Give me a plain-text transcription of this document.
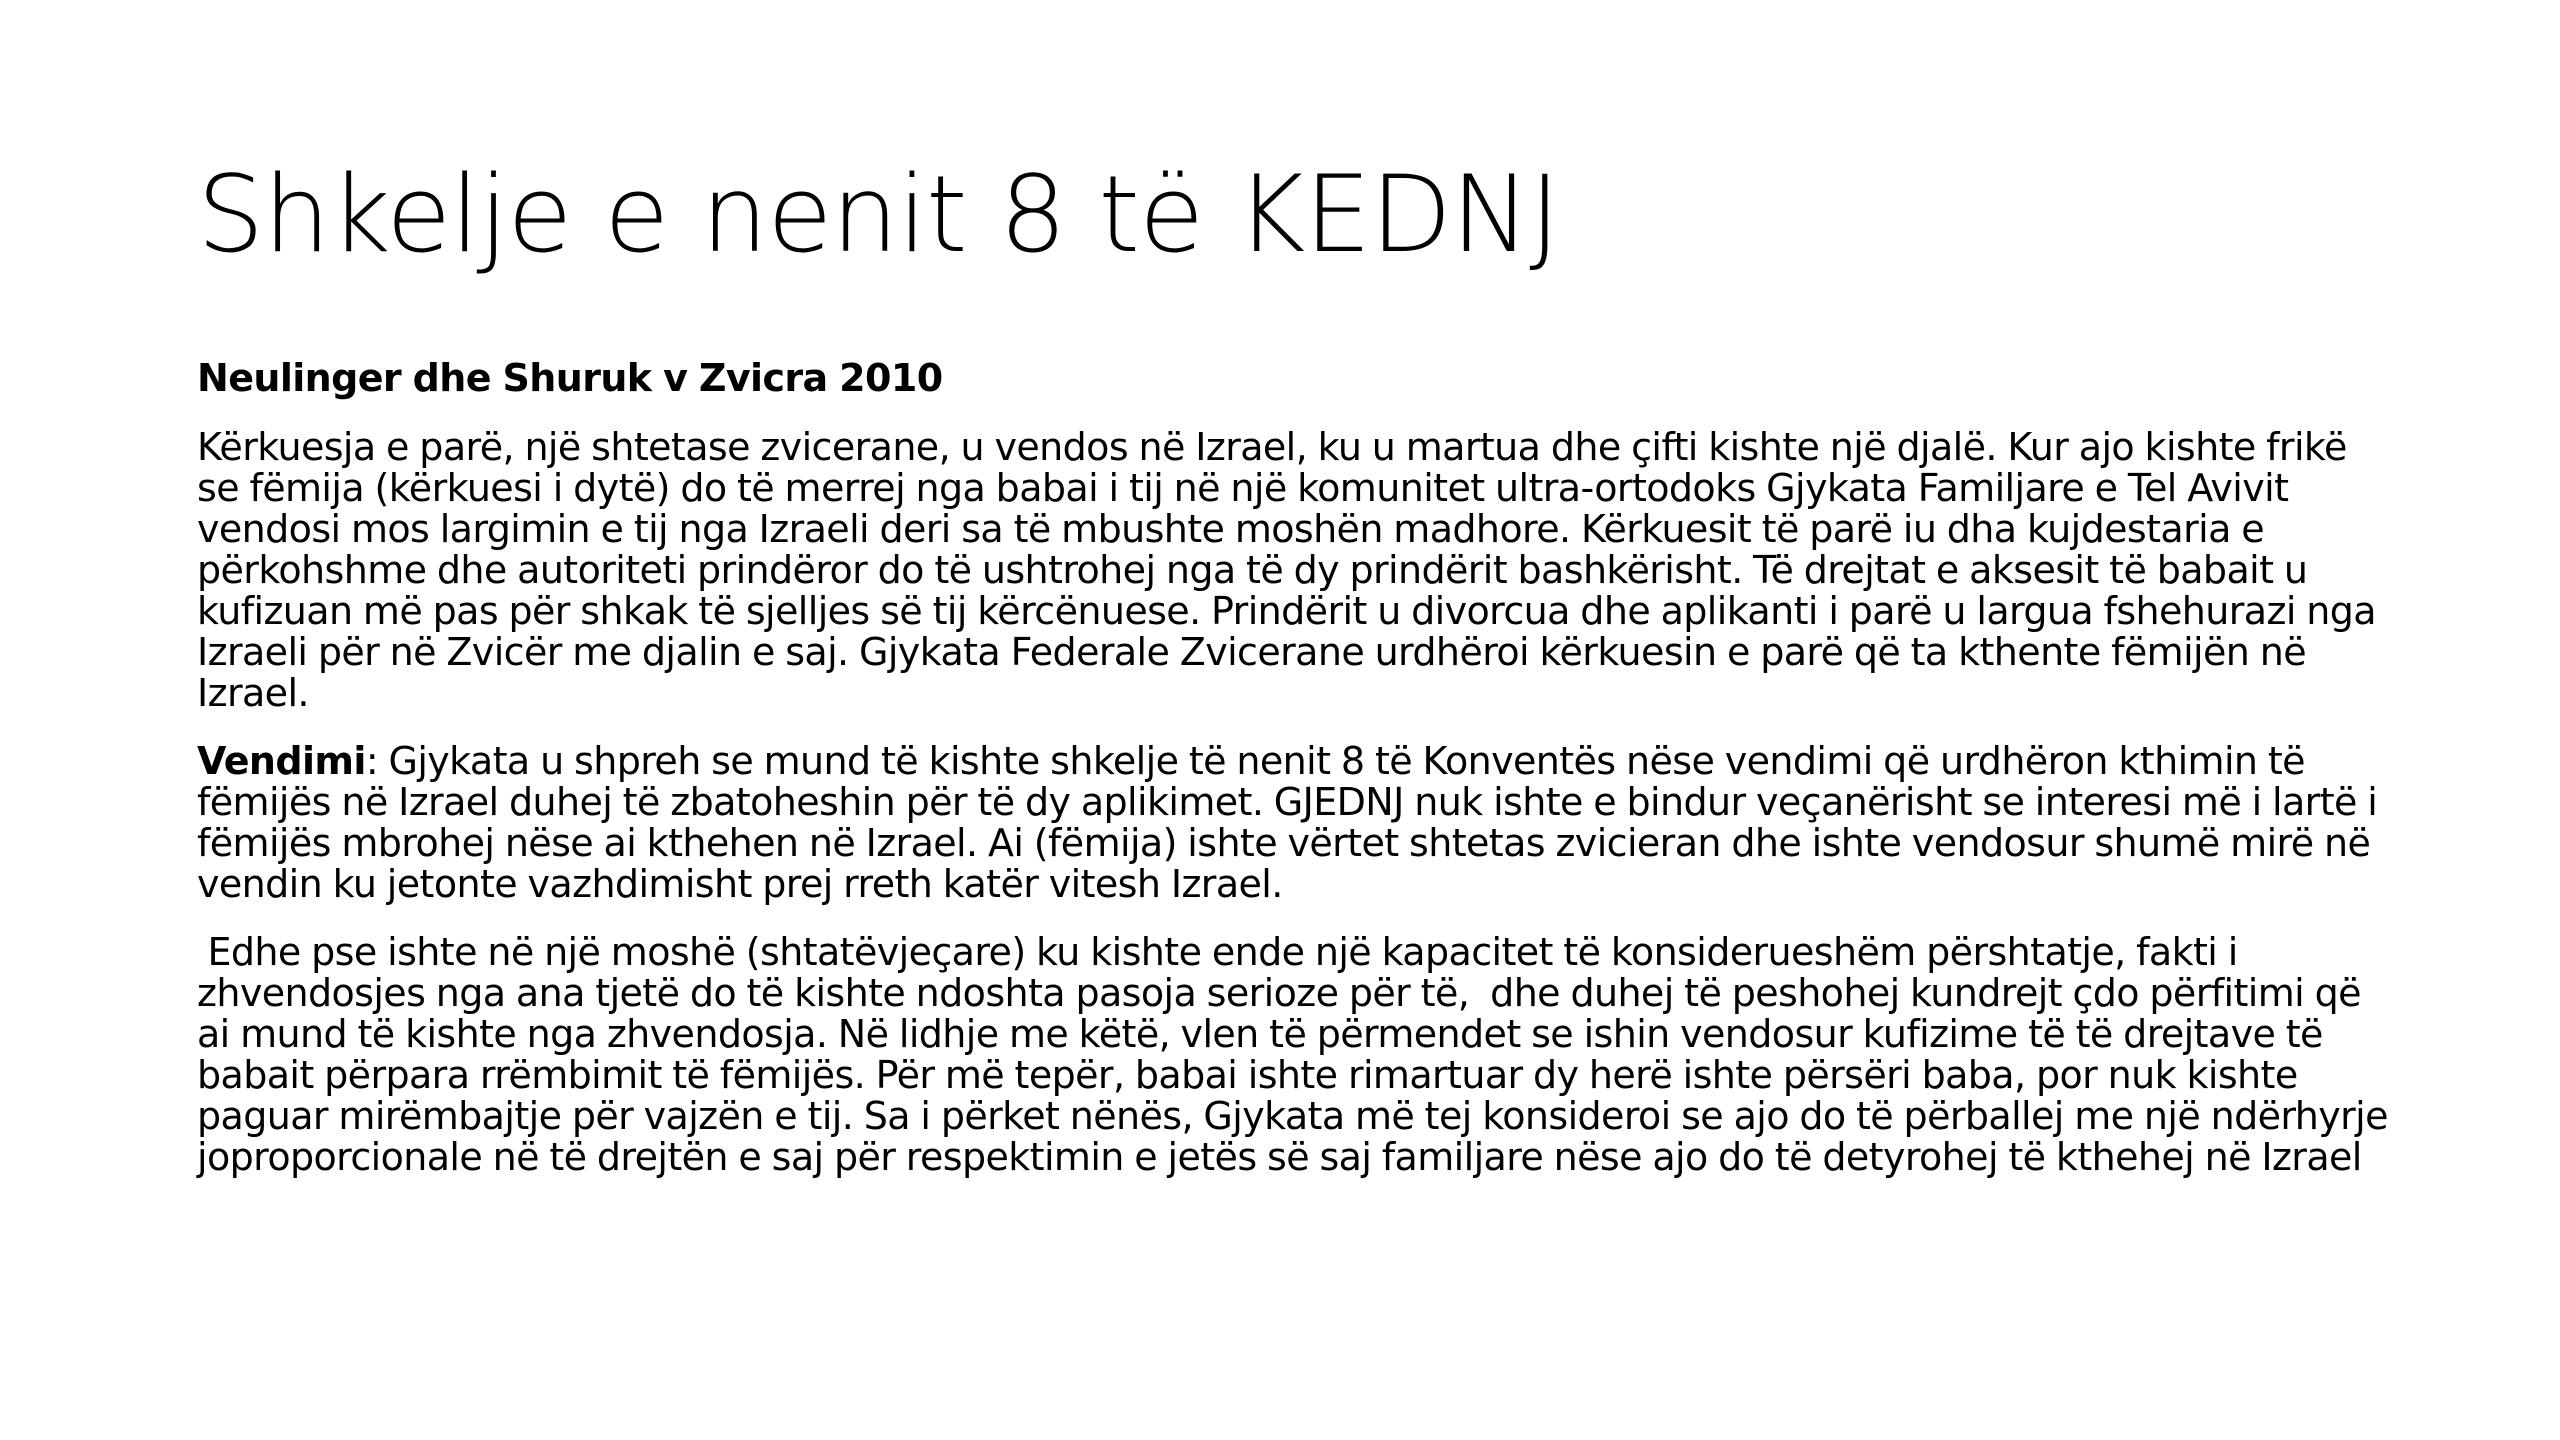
Shkelje e nenit 8 të KEDNJ

Neulinger dhe Shuruk v Zvicra 2010

Kërkuesja e parë, një shtetase zvicerane, u vendos në Izrael, ku u martua dhe çifti kishte një djalë. Kur ajo kishte frikë se fëmija (kërkuesi i dytë) do të merrej nga babai i tij në një komunitet ultra-ortodoks Gjykata Familjare e Tel Avivit vendosi mos largimin e tij nga Izraeli deri sa të mbushte moshën madhore. Kërkuesit të parë iu dha kujdestaria e përkohshme dhe autoriteti prindëror do të ushtrohej nga të dy prindërit bashkërisht. Të drejtat e aksesit të babait u kufizuan më pas për shkak të sjelljes së tij kërcënuese. Prindërit u divorcua dhe aplikanti i parë u largua fshehurazi nga Izraeli për në Zvicër me djalin e saj. Gjykata Federale Zvicerane urdhëroi kërkuesin e parë që ta kthente fëmijën në Izrael.

Vendimi: Gjykata u shpreh se mund të kishte shkelje të nenit 8 të Konventës nëse vendimi që urdhëron kthimin të fëmijës në Izrael duhej të zbatoheshin për të dy aplikimet. GJEDNJ nuk ishte e bindur veçanërisht se interesi më i lartë i fëmijës mbrohej nëse ai kthehen në Izrael. Ai (fëmija) ishte vërtet shtetas zvicieran dhe ishte vendosur shumë mirë në vendin ku jetonte vazhdimisht prej rreth katër vitesh Izrael.

Edhe pse ishte në një moshë (shtatëvjeçare) ku kishte ende një kapacitet të konsiderueshëm përshtatje, fakti i zhvendosjes nga ana tjetë do të kishte ndoshta pasoja serioze për të,  dhe duhej të peshohej kundrejt çdo përfitimi që ai mund të kishte nga zhvendosja. Në lidhje me këtë, vlen të përmendet se ishin vendosur kufizime të të drejtave të babait përpara rrëmbimit të fëmijës. Për më tepër, babai ishte rimartuar dy herë ishte përsëri baba, por nuk kishte paguar mirëmbajtje për vajzën e tij. Sa i përket nënës, Gjykata më tej konsideroi se ajo do të përballej me një ndërhyrje joproporcionale në të drejtën e saj për respektimin e jetës së saj familjare nëse ajo do të detyrohej të kthehej në Izrael
